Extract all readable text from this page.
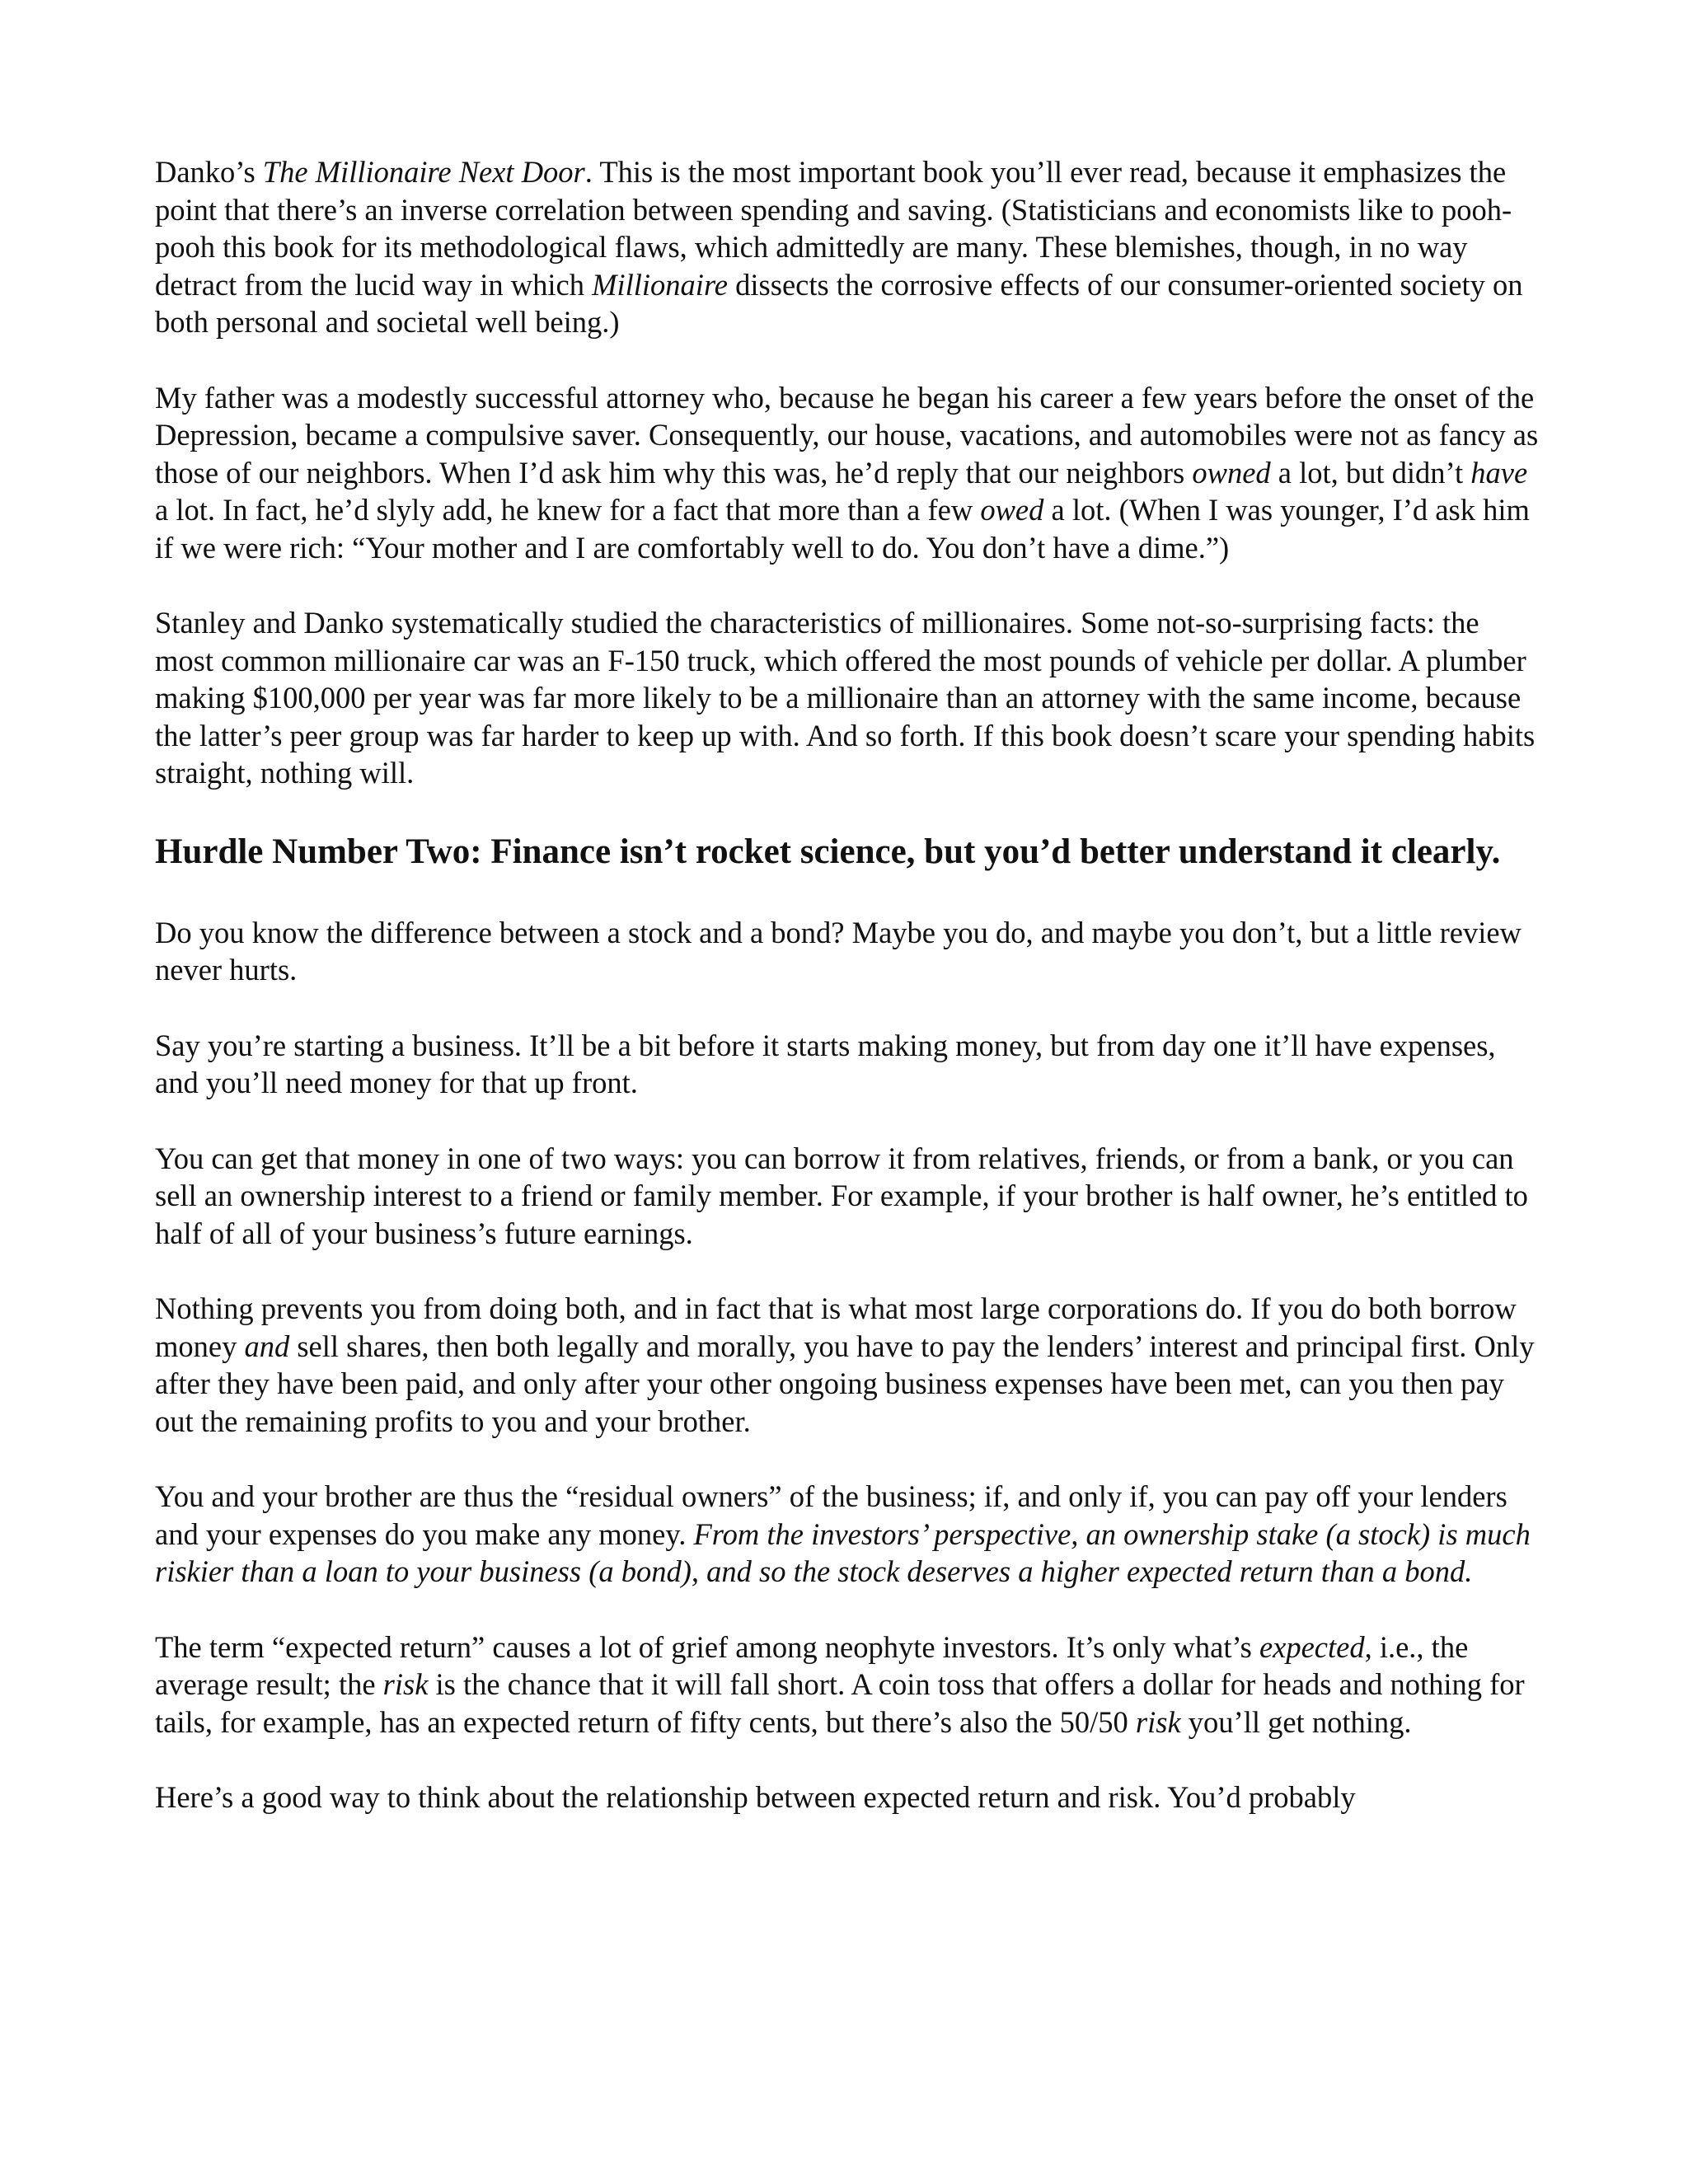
Danko’s The Millionaire Next Door. This is the most important book you’ll ever read, because it emphasizes the point that there’s an inverse correlation between spending and saving. (Statisticians and economists like to pooh-pooh this book for its methodological flaws, which admittedly are many. These blemishes, though, in no way detract from the lucid way in which Millionaire dissects the corrosive effects of our consumer-oriented society on both personal and societal well being.)

My father was a modestly successful attorney who, because he began his career a few years before the onset of the Depression, became a compulsive saver. Consequently, our house, vacations, and automobiles were not as fancy as those of our neighbors. When I’d ask him why this was, he’d reply that our neighbors owned a lot, but didn’t have a lot. In fact, he’d slyly add, he knew for a fact that more than a few owed a lot. (When I was younger, I’d ask him if we were rich: “Your mother and I are comfortably well to do. You don’t have a dime.”)

Stanley and Danko systematically studied the characteristics of millionaires. Some not-so-surprising facts: the most common millionaire car was an F-150 truck, which offered the most pounds of vehicle per dollar. A plumber making $100,000 per year was far more likely to be a millionaire than an attorney with the same income, because the latter’s peer group was far harder to keep up with. And so forth. If this book doesn’t scare your spending habits straight, nothing will.

Hurdle Number Two: Finance isn’t rocket science, but you’d better understand it clearly.

Do you know the difference between a stock and a bond? Maybe you do, and maybe you don’t, but a little review never hurts.

Say you’re starting a business. It’ll be a bit before it starts making money, but from day one it’ll have expenses, and you’ll need money for that up front.

You can get that money in one of two ways: you can borrow it from relatives, friends, or from a bank, or you can sell an ownership interest to a friend or family member. For example, if your brother is half owner, he’s entitled to half of all of your business’s future earnings.

Nothing prevents you from doing both, and in fact that is what most large corporations do. If you do both borrow money and sell shares, then both legally and morally, you have to pay the lenders’ interest and principal first. Only after they have been paid, and only after your other ongoing business expenses have been met, can you then pay out the remaining profits to you and your brother.

You and your brother are thus the “residual owners” of the business; if, and only if, you can pay off your lenders and your expenses do you make any money. From the investors’ perspective, an ownership stake (a stock) is much riskier than a loan to your business (a bond), and so the stock deserves a higher expected return than a bond.

The term “expected return” causes a lot of grief among neophyte investors. It’s only what’s expected, i.e., the average result; the risk is the chance that it will fall short. A coin toss that offers a dollar for heads and nothing for tails, for example, has an expected return of fifty cents, but there’s also the 50/50 risk you’ll get nothing.

Here’s a good way to think about the relationship between expected return and risk. You’d probably
